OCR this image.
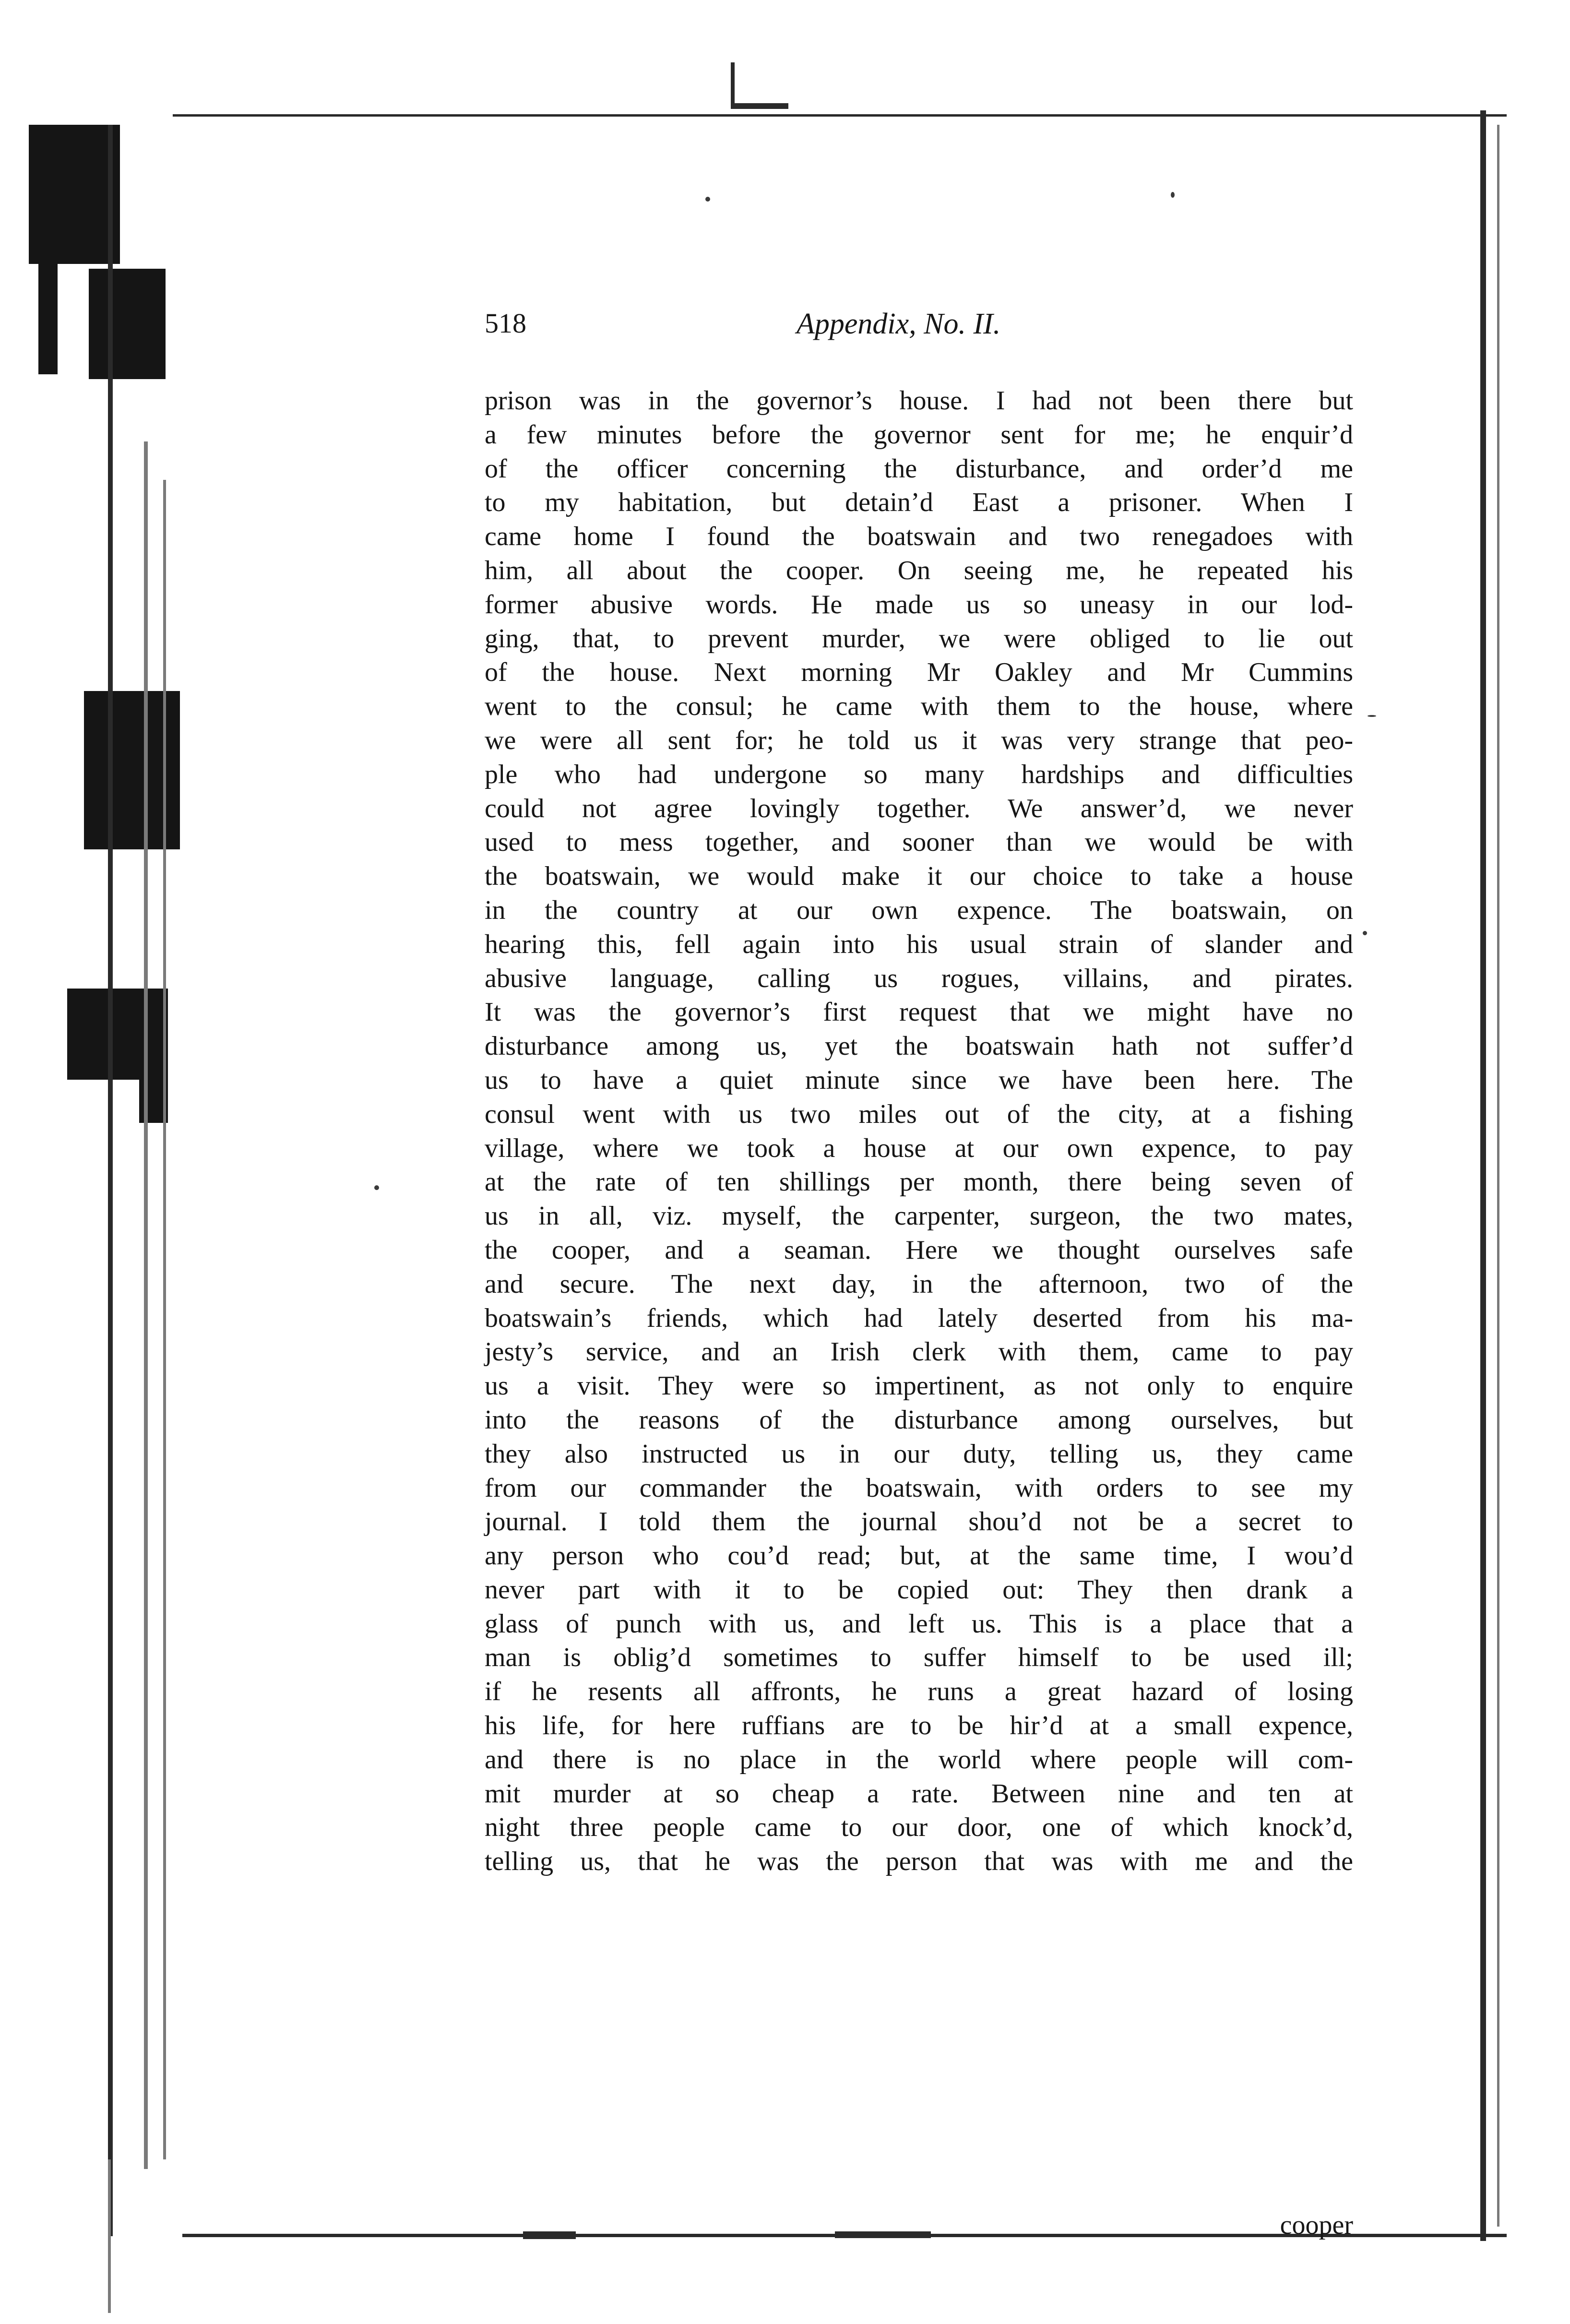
518	Appendix, No. II.
prison was in the governor’s house. I had not been there but
a few minutes before the governor sent for me; he enquir’d
of the officer concerning the disturbance, and order’d me
to my habitation, but detain’d East a prisoner. When I
came home I found the boatswain and two renegadoes with
him, all about the cooper. On seeing me, he repeated his
former abusive words. He made us so uneasy in our lod-
ging, that, to prevent murder, we were obliged to lie out
of the house. Next morning Mr Oakley and Mr Cummins
went to the consul; he came with them to the house, where
we were all sent for; he told us it was very strange that peo-
ple who had undergone so many hardships and difficulties
could not agree lovingly together. We answer’d, we never
used to mess together, and sooner than we would be with
the boatswain, we would make it our choice to take a house
in the country at our own expence. The boatswain, on
hearing this, fell again into his usual strain of slander and
abusive language, calling us rogues, villains, and pirates.
It was the governor’s first request that we might have no
disturbance among us, yet the boatswain hath not suffer’d
us to have a quiet minute since we have been here. The
consul went with us two miles out of the city, at a fishing
village, where we took a house at our own expence, to pay
at the rate of ten shillings per month, there being seven of
us in all, viz. myself, the carpenter, surgeon, the two mates,
the cooper, and a seaman. Here we thought ourselves safe
and secure. The next day, in the afternoon, two of the
boatswain’s friends, which had lately deserted from his ma-
jesty’s service, and an Irish clerk with them, came to pay
us a visit. They were so impertinent, as not only to enquire
into the reasons of the disturbance among ourselves, but
they also instructed us in our duty, telling us, they came
from our commander the boatswain, with orders to see my
journal. I told them the journal shou’d not be a secret to
any person who cou’d read; but, at the same time, I wou’d
never part with it to be copied out: They then drank a
glass of punch with us, and left us. This is a place that a
man is oblig’d sometimes to suffer himself to be used ill;
if he resents all affronts, he runs a great hazard of losing
his life, for here ruffians are to be hir’d at a small expence,
and there is no place in the world where people will com-
mit murder at so cheap a rate. Between nine and ten at
night three people came to our door, one of which knock’d,
telling us, that he was the person that was with me and the
cooper
